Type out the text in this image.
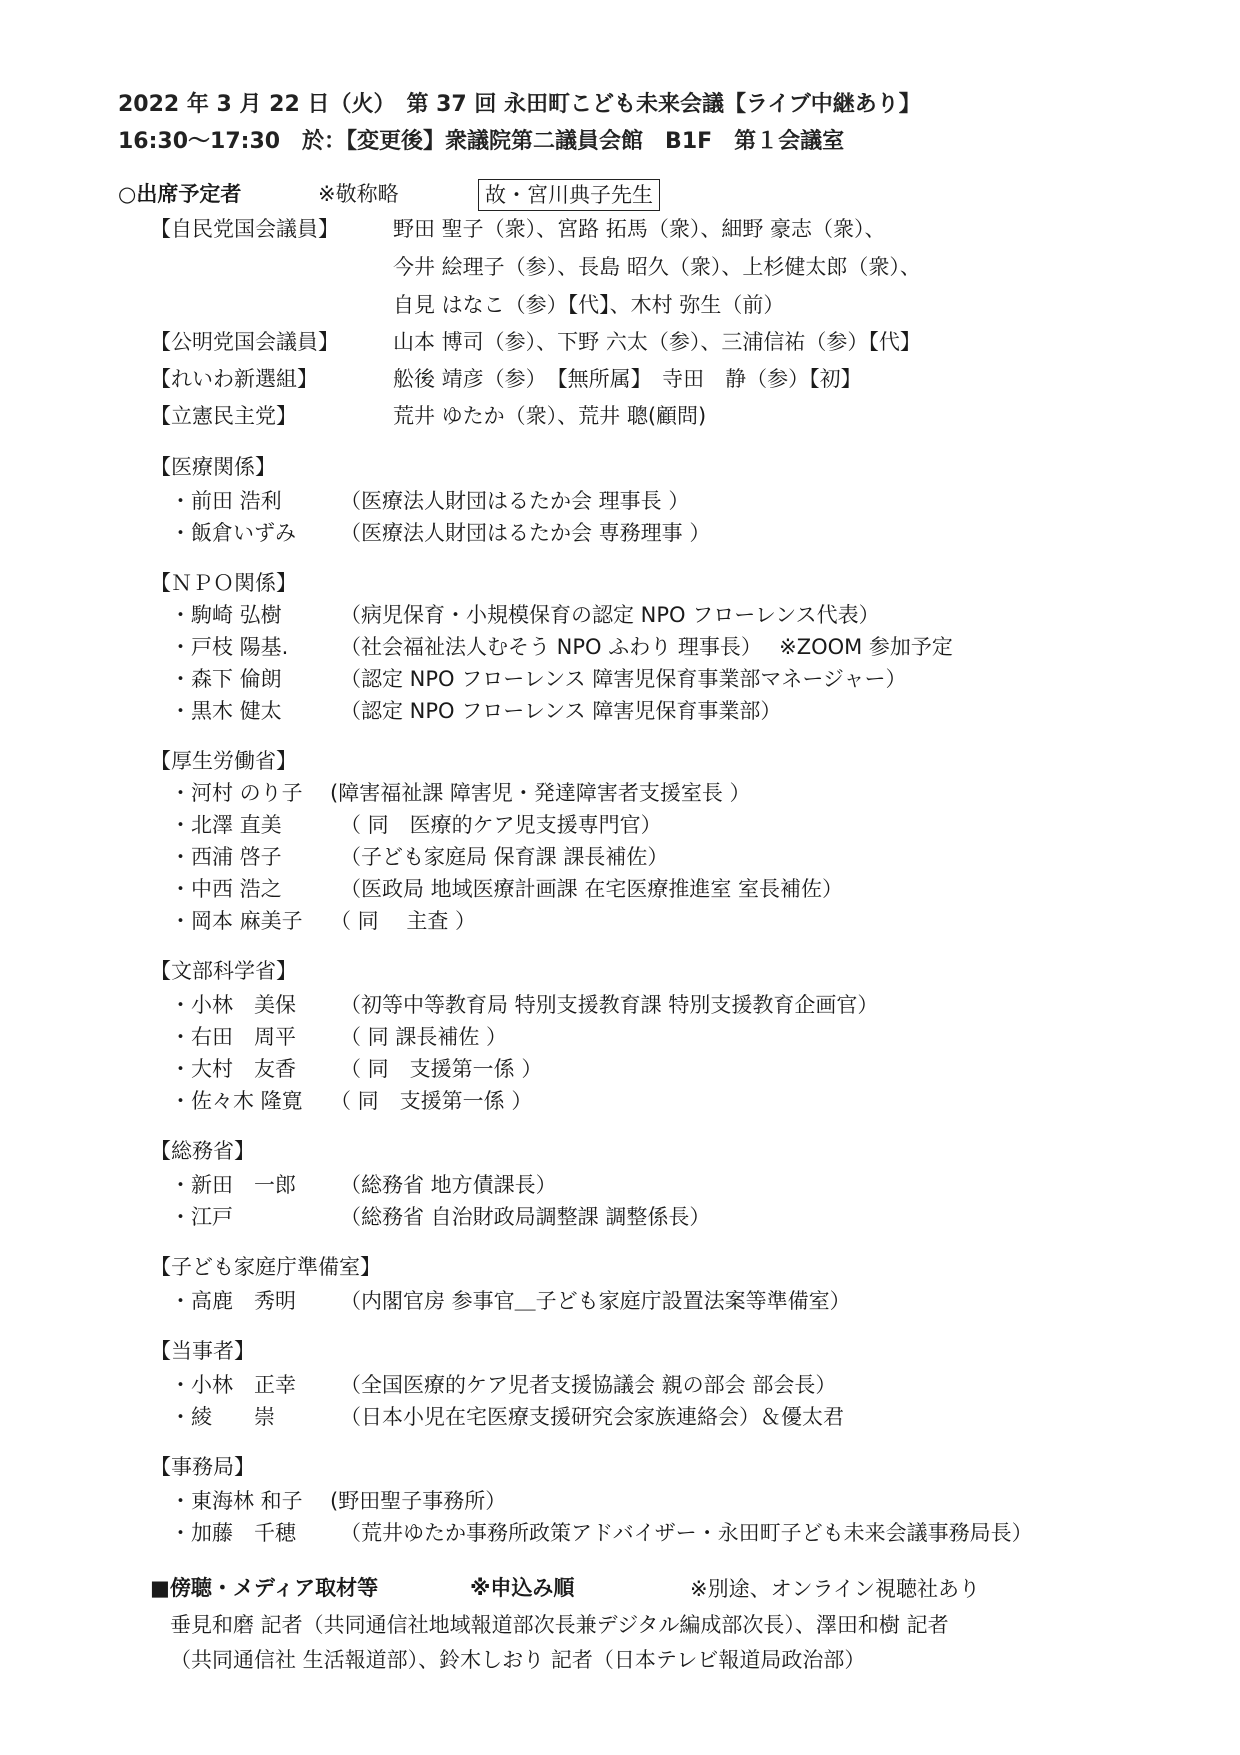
2022 年 3 月 22 日（火）　第 37 回 永田町こども未来会議【ライブ中継あり】
16:30〜17:30　於：【変更後】衆議院第二議員会館　B1F　第１会議室
○出席予定者	※敬称略	故・宮川典子先生
【自民党国会議員】	野田 聖子（衆）、宮路 拓馬（衆）、細野 豪志（衆）、
今井 絵理子（参）、長島 昭久（衆）、上杉健太郎（衆）、
自見 はなこ（参）【代】、木村 弥生（前）
【公明党国会議員】	山本 博司（参）、下野 六太（参）、三浦信祐（参）【代】
【れいわ新選組】	舩後 靖彦（参）　【無所属】　寺田　静（参）【初】
【立憲民主党】	荒井 ゆたか（衆）、荒井 聰(顧問)
【医療関係】
・前田 浩利	（医療法人財団はるたか会 理事長 ）
・飯倉いずみ （医療法人財団はるたか会 専務理事 ）
【ＮＰＯ関係】
・駒崎 弘樹	（病児保育・小規模保育の認定 NPO フローレンス代表）
・戸枝 陽基. （社会福祉法人むそう NPO ふわり 理事長）　 ※ZOOM 参加予定
・森下 倫朗	（認定 NPO フローレンス 障害児保育事業部マネージャー）
・黒木 健太	（認定 NPO フローレンス 障害児保育事業部）
【厚生労働省】
・河村 のり子 (障害福祉課 障害児・発達障害者支援室長 ）
・北澤 直美	（ 同　医療的ケア児支援専門官）
・西浦 啓子	（子ども家庭局 保育課 課長補佐）
・中西 浩之	（医政局 地域医療計画課 在宅医療推進室 室長補佐）
・岡本 麻美子 （ 同　 主査 ）
【文部科学省】
・小林　美保 （初等中等教育局 特別支援教育課 特別支援教育企画官）
・右田　周平 （ 同 課長補佐 ）
・大村　友香 （ 同　支援第一係 ）
・佐々木 隆寛 （ 同　支援第一係 ）
【総務省】
・新田　一郎 （総務省 地方債課長）
・江戸	（総務省 自治財政局調整課 調整係長）
【子ども家庭庁準備室】
・高鹿　秀明 （内閣官房 参事官＿子ども家庭庁設置法案等準備室）
【当事者】
・小林　正幸 （全国医療的ケア児者支援協議会 親の部会 部会長）
・綾　　崇	（日本小児在宅医療支援研究会家族連絡会）＆優太君
【事務局】
・東海林 和子 (野田聖子事務所）
・加藤　千穂 （荒井ゆたか事務所政策アドバイザー・永田町子ども未来会議事務局長）
■傍聴・メディア取材等	※申込み順	※別途、オンライン視聴社あり
垂見和磨 記者（共同通信社地域報道部次長兼デジタル編成部次長）、澤田和樹 記者
（共同通信社 生活報道部）、鈴木しおり 記者（日本テレビ報道局政治部）
